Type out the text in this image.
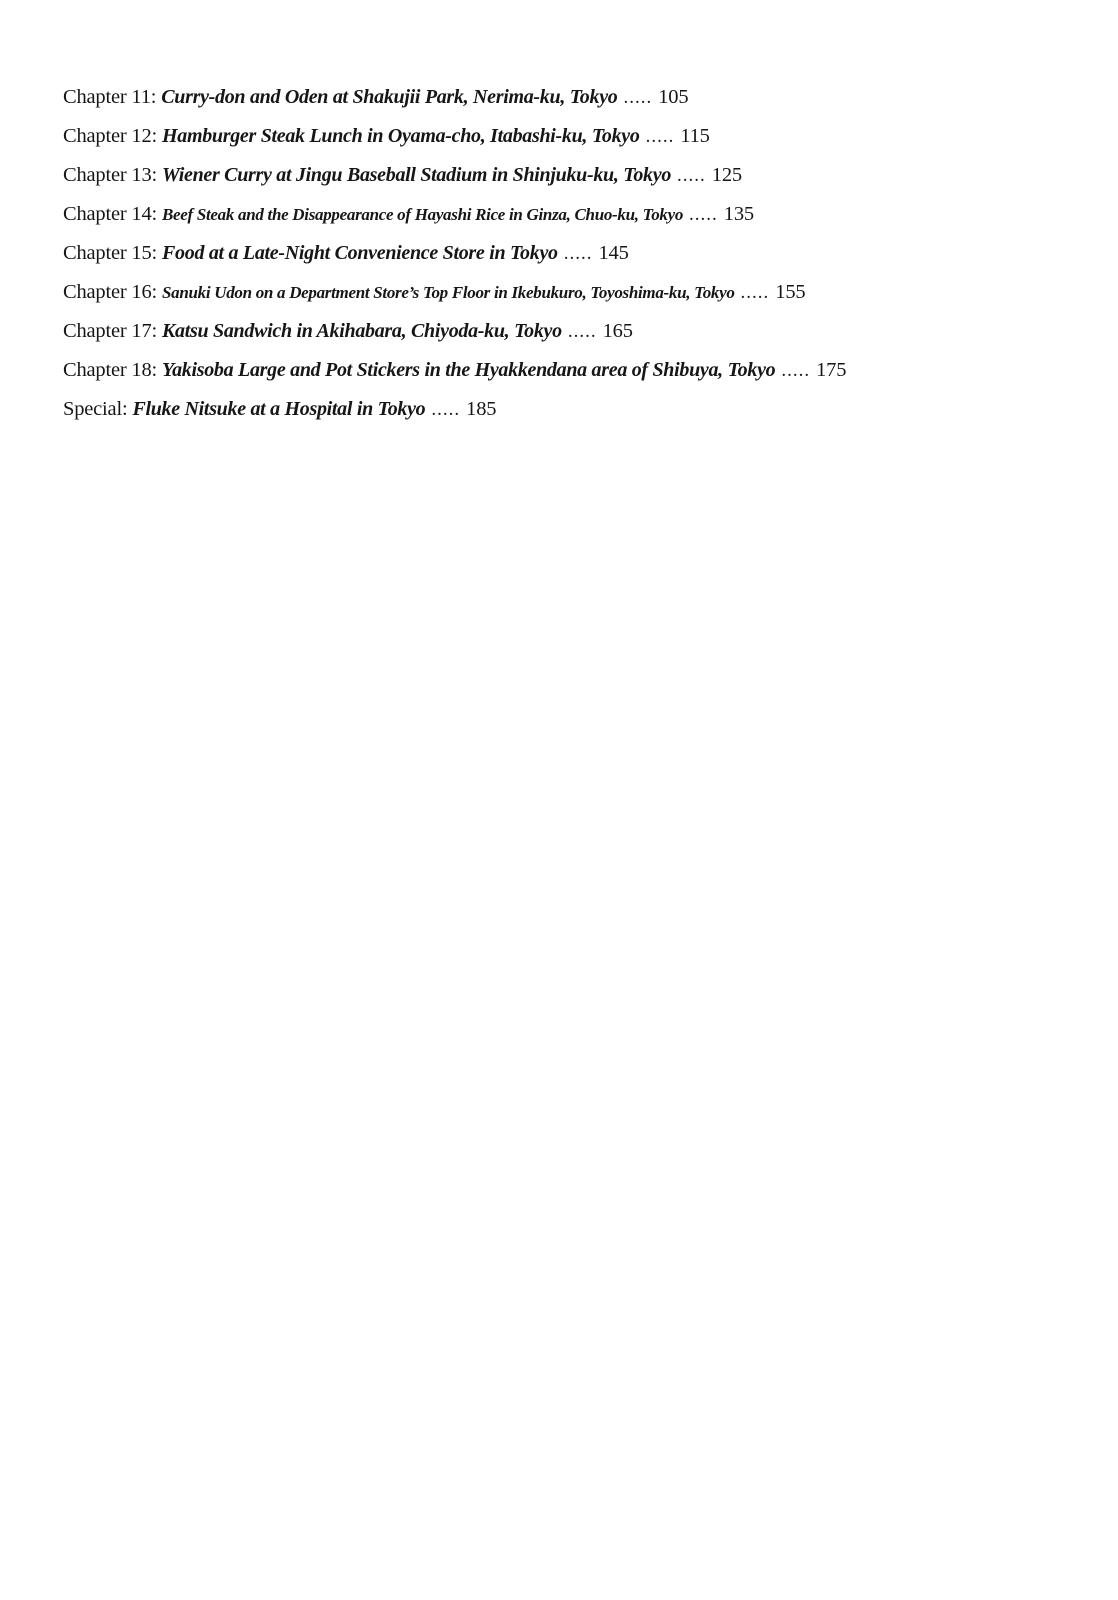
Chapter 11: Curry-don and Oden at Shakujii Park, Nerima-ku, Tokyo ..... 105
Chapter 12: Hamburger Steak Lunch in Oyama-cho, Itabashi-ku, Tokyo ..... 115
Chapter 13: Wiener Curry at Jingu Baseball Stadium in Shinjuku-ku, Tokyo ..... 125
Chapter 14: Beef Steak and the Disappearance of Hayashi Rice in Ginza, Chuo-ku, Tokyo ..... 135
Chapter 15: Food at a Late-Night Convenience Store in Tokyo ..... 145
Chapter 16: Sanuki Udon on a Department Store’s Top Floor in Ikebukuro, Toyoshima-ku, Tokyo ..... 155
Chapter 17: Katsu Sandwich in Akihabara, Chiyoda-ku, Tokyo ..... 165
Chapter 18: Yakisoba Large and Pot Stickers in the Hyakkendana area of Shibuya, Tokyo ..... 175
Special: Fluke Nitsuke at a Hospital in Tokyo ..... 185
